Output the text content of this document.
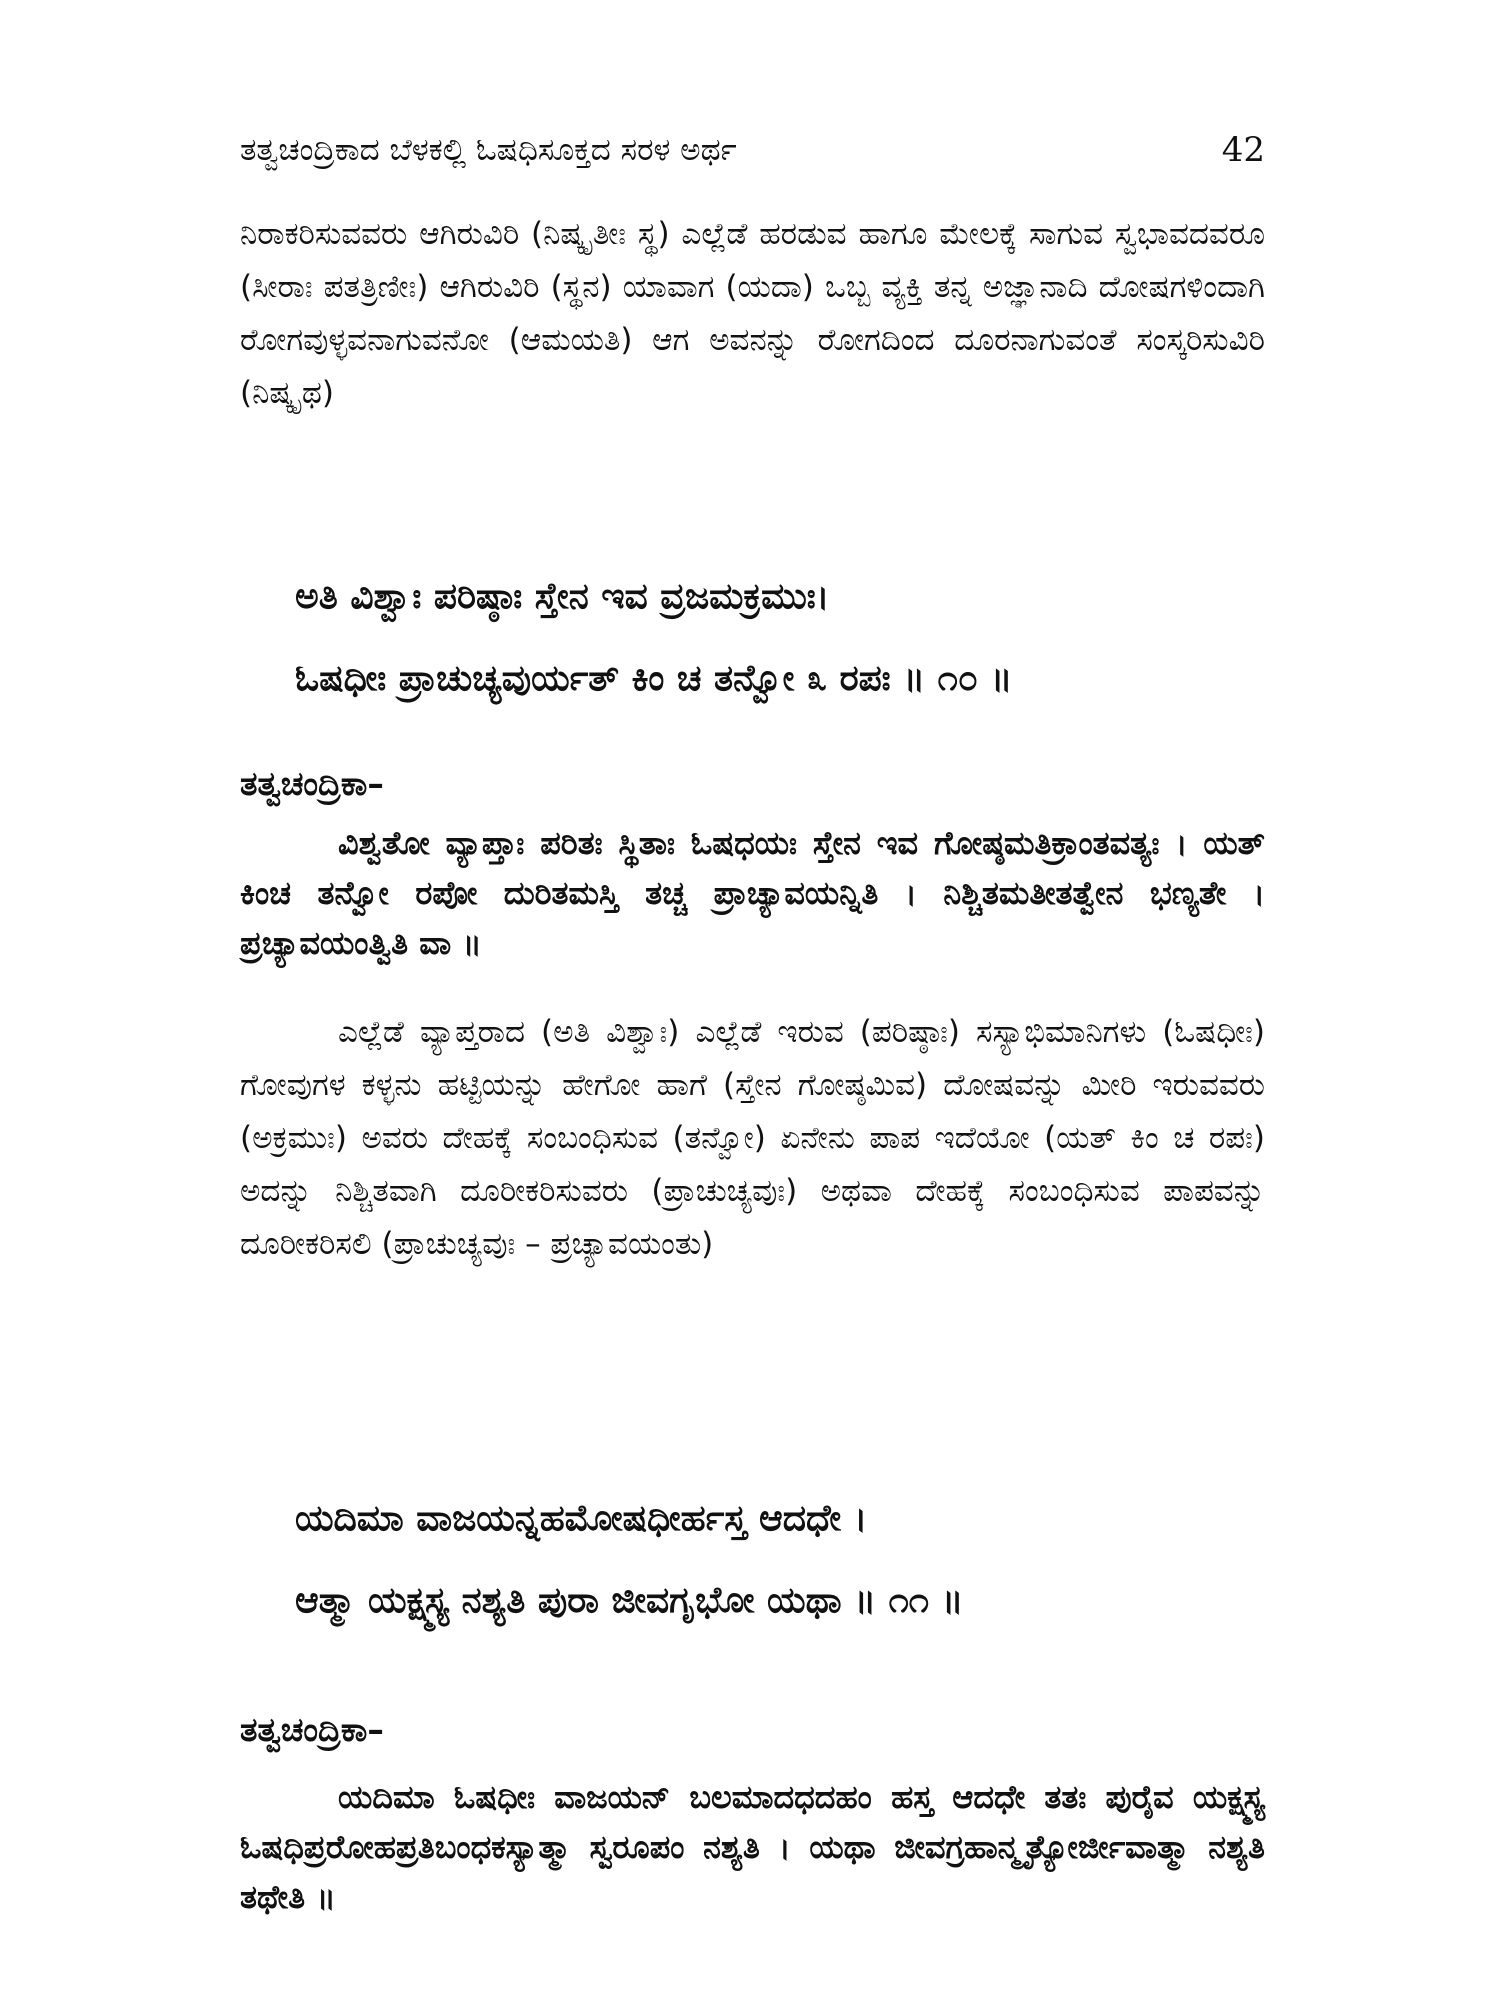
ತತ್ವಚಂದ್ರಿಕಾದ ಬೆಳಕಲ್ಲಿ ಓಷಧಿಸೂಕ್ತದ ಸರಳ ಅರ್ಥ	42

ನಿರಾಕರಿಸುವವರು ಆಗಿರುವಿರಿ (ನಿಷ್ಕೃತೀಃ ಸ್ಥ) ಎಲ್ಲೆಡೆ ಹರಡುವ ಹಾಗೂ ಮೇಲಕ್ಕೆ ಸಾಗುವ ಸ್ವಭಾವದವರೂ (ಸೀರಾಃ ಪತತ್ರಿಣೀಃ) ಆಗಿರುವಿರಿ (ಸ್ಥನ) ಯಾವಾಗ (ಯದಾ) ಒಬ್ಬ ವ್ಯಕ್ತಿ ತನ್ನ ಅಜ್ಞಾನಾದಿ ದೋಷಗಳಿಂದಾಗಿ ರೋಗವುಳ್ಳವನಾಗುವನೋ (ಆಮಯತಿ) ಆಗ ಅವನನ್ನು ರೋಗದಿಂದ ದೂರನಾಗುವಂತೆ ಸಂಸ್ಕರಿಸುವಿರಿ (ನಿಷ್ಕೃಥ)

ಅತಿ ವಿಶ್ವಾಃ ಪರಿಷ್ಠಾಃ ಸ್ತೇನ ಇವ ವ್ರಜಮಕ್ರಮುಃ।
ಓಷಧೀಃ ಪ್ರಾಚುಚ್ಯವುರ್ಯತ್ ಕಿಂ ಚ ತನ್ವೋ ೩ ರಪಃ ॥ ೧೦ ॥
ತತ್ವಚಂದ್ರಿಕಾ–

ವಿಶ್ವತೋ ವ್ಯಾಪ್ತಾಃ ಪರಿತಃ ಸ್ಥಿತಾಃ ಓಷಧಯಃ ಸ್ತೇನ ಇವ ಗೋಷ್ಠಮತಿಕ್ರಾಂತವತ್ಯಃ । ಯತ್ ಕಿಂಚ ತನ್ವೋ ರಪೋ ದುರಿತಮಸ್ತಿ ತಚ್ಚ ಪ್ರಾಚ್ಯಾವಯನ್ನಿತಿ । ನಿಶ್ಚಿತಮತೀತತ್ವೇನ ಭಣ್ಯತೇ । ಪ್ರಚ್ಯಾವಯಂತ್ವಿತಿ ವಾ ॥

ಎಲ್ಲೆಡೆ ವ್ಯಾಪ್ತರಾದ (ಅತಿ ವಿಶ್ವಾಃ) ಎಲ್ಲೆಡೆ ಇರುವ (ಪರಿಷ್ಠಾಃ) ಸಸ್ಯಾಭಿಮಾನಿಗಳು (ಓಷಧೀಃ) ಗೋವುಗಳ ಕಳ್ಳನು ಹಟ್ಟಿಯನ್ನು ಹೇಗೋ ಹಾಗೆ (ಸ್ತೇನ ಗೋಷ್ಠಮಿವ) ದೋಷವನ್ನು ಮೀರಿ ಇರುವವರು (ಅಕ್ರಮುಃ) ಅವರು ದೇಹಕ್ಕೆ ಸಂಬಂಧಿಸುವ (ತನ್ವೋ) ಏನೇನು ಪಾಪ ಇದೆಯೋ (ಯತ್ ಕಿಂ ಚ ರಪಃ) ಅದನ್ನು ನಿಶ್ಚಿತವಾಗಿ ದೂರೀಕರಿಸುವರು (ಪ್ರಾಚುಚ್ಯವುಃ) ಅಥವಾ ದೇಹಕ್ಕೆ ಸಂಬಂಧಿಸುವ ಪಾಪವನ್ನು ದೂರೀಕರಿಸಲಿ (ಪ್ರಾಚುಚ್ಯವುಃ – ಪ್ರಚ್ಯಾವಯಂತು)

ಯದಿಮಾ ವಾಜಯನ್ನಹಮೋಷಧೀರ್ಹಸ್ತ ಆದಧೇ ।
ಆತ್ಮಾ ಯಕ್ಷ್ಮಸ್ಯ ನಶ್ಯತಿ ಪುರಾ ಜೀವಗೃಭೋ ಯಥಾ ॥ ೧೧ ॥
ತತ್ವಚಂದ್ರಿಕಾ–

ಯದಿಮಾ ಓಷಧೀಃ ವಾಜಯನ್ ಬಲಮಾದಧದಹಂ ಹಸ್ತ ಆದಧೇ ತತಃ ಪುರೈವ ಯಕ್ಷ್ಮಸ್ಯ ಓಷಧಿಪ್ರರೋಹಪ್ರತಿಬಂಧಕಸ್ಯಾತ್ಮಾ ಸ್ವರೂಪಂ ನಶ್ಯತಿ । ಯಥಾ ಜೀವಗ್ರಹಾನ್ಮೃತ್ಯೋರ್ಜೀವಾತ್ಮಾ ನಶ್ಯತಿ ತಥೇತಿ ॥
